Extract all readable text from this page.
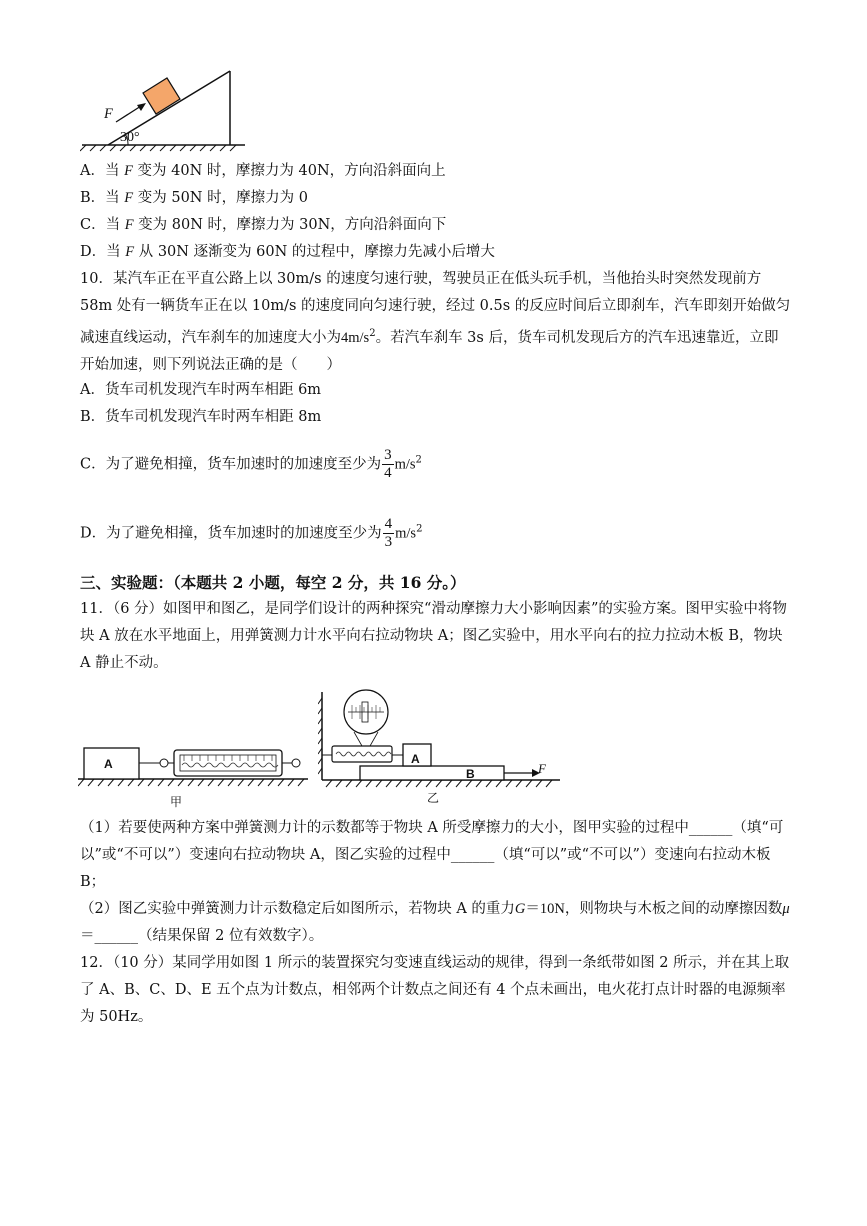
F
30°
A．当 F 变为 40N 时，摩擦力为 40N，方向沿斜面向上
B．当 F 变为 50N 时，摩擦力为 0
C．当 F 变为 80N 时，摩擦力为 30N，方向沿斜面向下
D．当 F 从 30N 逐渐变为 60N 的过程中，摩擦力先减小后增大
10．某汽车正在平直公路上以 30m/s 的速度匀速行驶，驾驶员正在低头玩手机，当他抬头时突然发现前方 58m 处有一辆货车正在以 10m/s 的速度同向匀速行驶，经过 0.5s 的反应时间后立即刹车，汽车即刻开始做匀减速直线运动，汽车刹车的加速度大小为$4m/s^2$。若汽车刹车 3s 后，货车司机发现后方的汽车迅速靠近，立即开始加速，则下列说法正确的是（　　）
A．货车司机发现汽车时两车相距 6m
B．货车司机发现汽车时两车相距 8m
C．为了避免相撞，货车加速时的加速度至少为 $\frac{3}{4} m/s^2$
D．为了避免相撞，货车加速时的加速度至少为 $\frac{4}{3} m/s^2$
三、实验题：（本题共 2 小题，每空 2 分，共 16 分。）
11．（6 分）如图甲和图乙，是同学们设计的两种探究“滑动摩擦力大小影响因素”的实验方案。图甲实验中将物块 A 放在水平地面上，用弹簧测力计水平向右拉动物块 A；图乙实验中，用水平向右的拉力拉动木板 B，物块 A 静止不动。
A
甲
A
B	F
乙
（1）若要使两种方案中弹簧测力计的示数都等于物块 A 所受摩擦力的大小，图甲实验的过程中______（填“可以”或“不可以”）变速向右拉动物块 A，图乙实验的过程中______（填“可以”或“不可以”）变速向右拉动木板 B；
（2）图乙实验中弹簧测力计示数稳定后如图所示，若物块 A 的重力G＝10N，则物块与木板之间的动摩擦因数μ＝______（结果保留 2 位有效数字）。
12．（10 分）某同学用如图 1 所示的装置探究匀变速直线运动的规律，得到一条纸带如图 2 所示，并在其上取了 A、B、C、D、E 五个点为计数点，相邻两个计数点之间还有 4 个点未画出，电火花打点计时器的电源频率为 50Hz。
